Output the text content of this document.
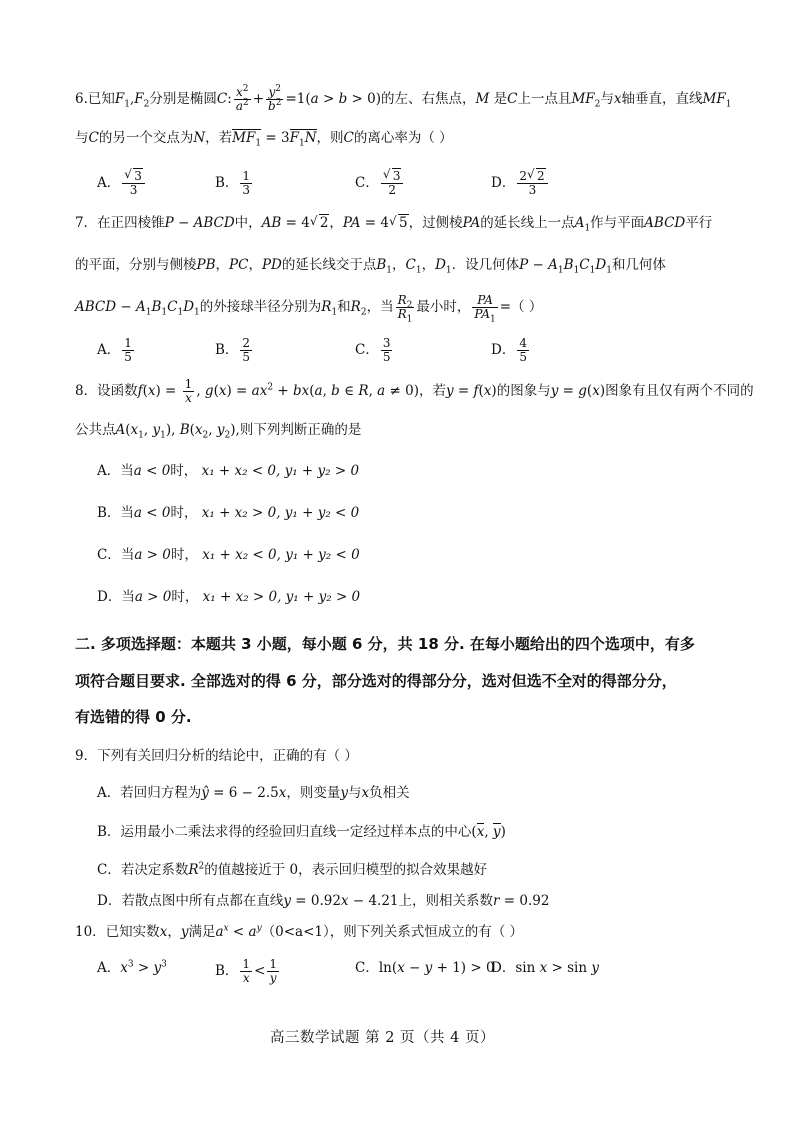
6.已知$F_1,F_2$分别是椭圆C: $\frac{x^2}{a^2} + \frac{y^2}{b^2} =1(a > b > 0)$的左、右焦点，M 是C上一点且$MF_2$与x轴垂直，直线$MF_1$
与C的另一个交点为N，若$MF_1 = 3F_1N$，则C的离心率为（ ）
A． √ $\frac{3}{3}$	B． $\frac{1}{3}$	C． √ $\frac{3}{2}$	D． $\frac{2 √ 2}{3}$
7．在正四棱锥P − ABCD中，AB = 4 √ 2，PA = 4 √ 5，过侧棱PA的延长线上一点$A_1$作与平面ABCD平行
的平面，分别与侧棱PB，PC，PD的延长线交于点$B_1$，$C_1$，$D_1$．设几何体$P - A_1B_1C_1D_1$和几何体
ABCD − $A_1B_1C_1D_1$的外接球半径分别为$R_1$和$R_2$，当 $\frac{R_2}{R_1}$ 最小时， $\frac{PA}{PA_1}$ =（ ）
A． $\frac{1}{5}$	B． $\frac{2}{5}$	C． $\frac{3}{5}$	D． $\frac{4}{5}$
8．设函数$f(x) = \frac{1}{x}$ , $g(x) = ax^2 + bx(a$, b ∈ R, a ≠ 0)，若y = f(x)的图象与y = g(x)图象有且仅有两个不同的
公共点$A(x_1$, $y_1$), $B(x_2$, $y_2$),则下列判断正确的是
A．当a < 0时， x₁ + x₂ < 0, y₁ + y₂ > 0
B．当a < 0时， x₁ + x₂ > 0, y₁ + y₂ < 0
C．当a > 0时， x₁ + x₂ < 0, y₁ + y₂ < 0
D．当a > 0时， x₁ + x₂ > 0, y₁ + y₂ > 0
二. 多项选择题：本题共 3 小题，每小题 6 分，共 18 分. 在每小题给出的四个选项中，有多
项符合题目要求. 全部选对的得 6 分，部分选对的得部分分，选对但选不全对的得部分分，
有选错的得 0 分.
9．下列有关回归分析的结论中，正确的有（ ）
A．若回归方程为ŷ = 6 − 2.5x，则变量y与x负相关
B．运用最小二乘法求得的经验回归直线一定经过样本点的中心(x, y)
C．若决定系数$R^2$的值越接近于 0，表示回归模型的拟合效果越好
D．若散点图中所有点都在直线y = 0.92x − 4.21上，则相关系数r = 0.92
10．已知实数x，y满足$a^x < a^y(0<a<1)$，则下列关系式恒成立的有（ ）
A．$x^3 > y^3$	B． $\frac{1}{x} < \frac{1}{y}$	C．ln(x − y + 1) > 0
D．sin x > sin y
高三数学试题 第 2 页（共 4 页）
